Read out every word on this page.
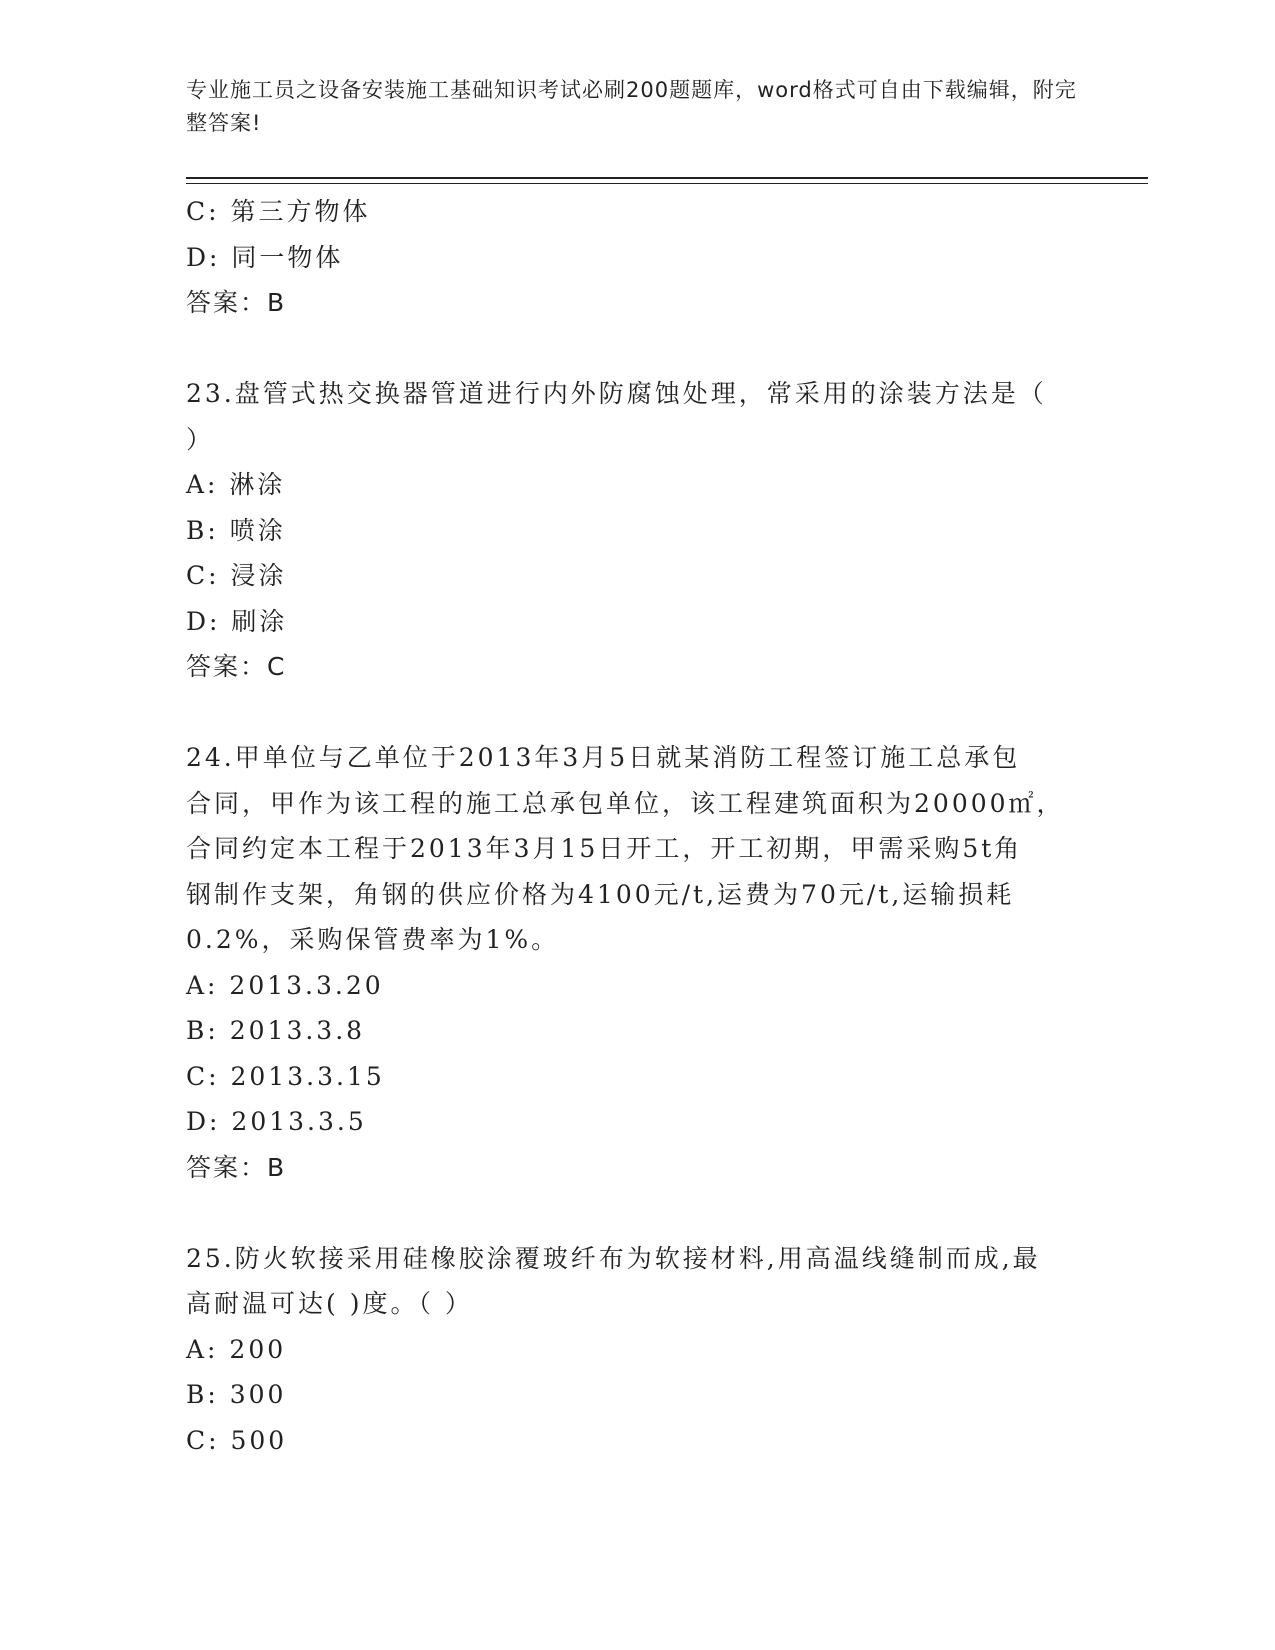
专业施工员之设备安装施工基础知识考试必刷200题题库，word格式可自由下载编辑，附完整答案!
C: 第三方物体
D: 同一物体
答案：B
23.盘管式热交换器管道进行内外防腐蚀处理，常采用的涂装方法是（
）
A: 淋涂
B: 喷涂
C: 浸涂
D: 刷涂
答案：C
24.甲单位与乙单位于2013年3月5日就某消防工程签订施工总承包
合同，甲作为该工程的施工总承包单位，该工程建筑面积为20000㎡，
合同约定本工程于2013年3月15日开工，开工初期，甲需采购5t角
钢制作支架，角钢的供应价格为4100元/t,运费为70元/t,运输损耗
0.2%，采购保管费率为1%。
A: 2013.3.20
B: 2013.3.8
C: 2013.3.15
D: 2013.3.5
答案：B
25.防火软接采用硅橡胶涂覆玻纤布为软接材料,用高温线缝制而成,最
高耐温可达( )度。（ ）
A: 200
B: 300
C: 500
